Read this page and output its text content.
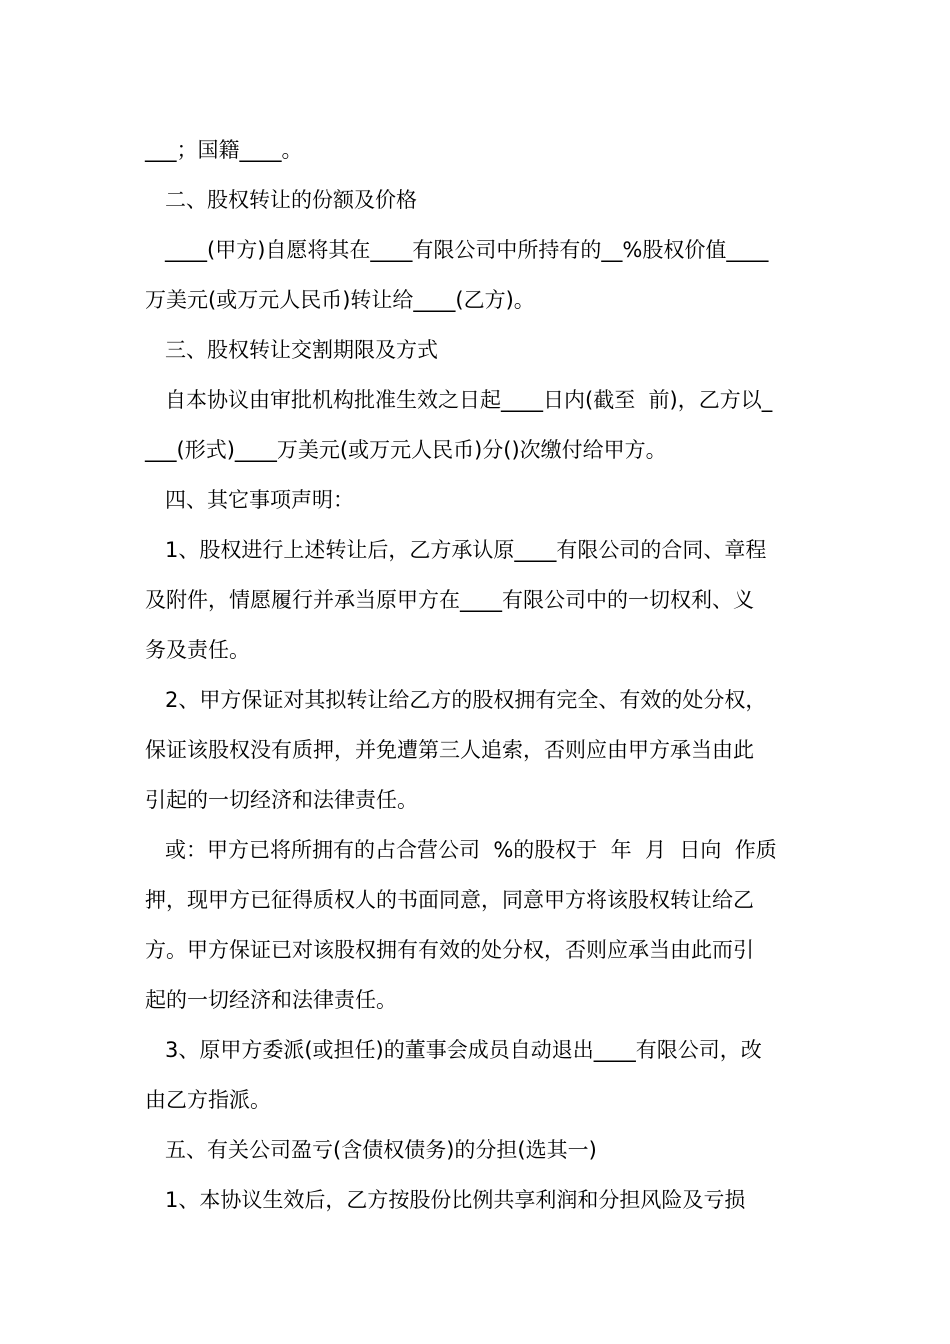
___；国籍____。
二、股权转让的份额及价格
____(甲方)自愿将其在____有限公司中所持有的__%股权价值____
万美元(或万元人民币)转让给____(乙方)。
三、股权转让交割期限及方式
自本协议由审批机构批准生效之日起____日内(截至  前)，乙方以_
___(形式)____万美元(或万元人民币)分()次缴付给甲方。
四、其它事项声明：
1、股权进行上述转让后，乙方承认原____有限公司的合同、章程
及附件，情愿履行并承当原甲方在____有限公司中的一切权利、义
务及责任。
2、甲方保证对其拟转让给乙方的股权拥有完全、有效的处分权，
保证该股权没有质押，并免遭第三人追索，否则应由甲方承当由此
引起的一切经济和法律责任。
或：甲方已将所拥有的占合营公司  %的股权于  年  月  日向  作质
押，现甲方已征得质权人的书面同意，同意甲方将该股权转让给乙
方。甲方保证已对该股权拥有有效的处分权，否则应承当由此而引
起的一切经济和法律责任。
3、原甲方委派(或担任)的董事会成员自动退出____有限公司，改
由乙方指派。
五、有关公司盈亏(含债权债务)的分担(选其一)
1、本协议生效后，乙方按股份比例共享利润和分担风险及亏损
